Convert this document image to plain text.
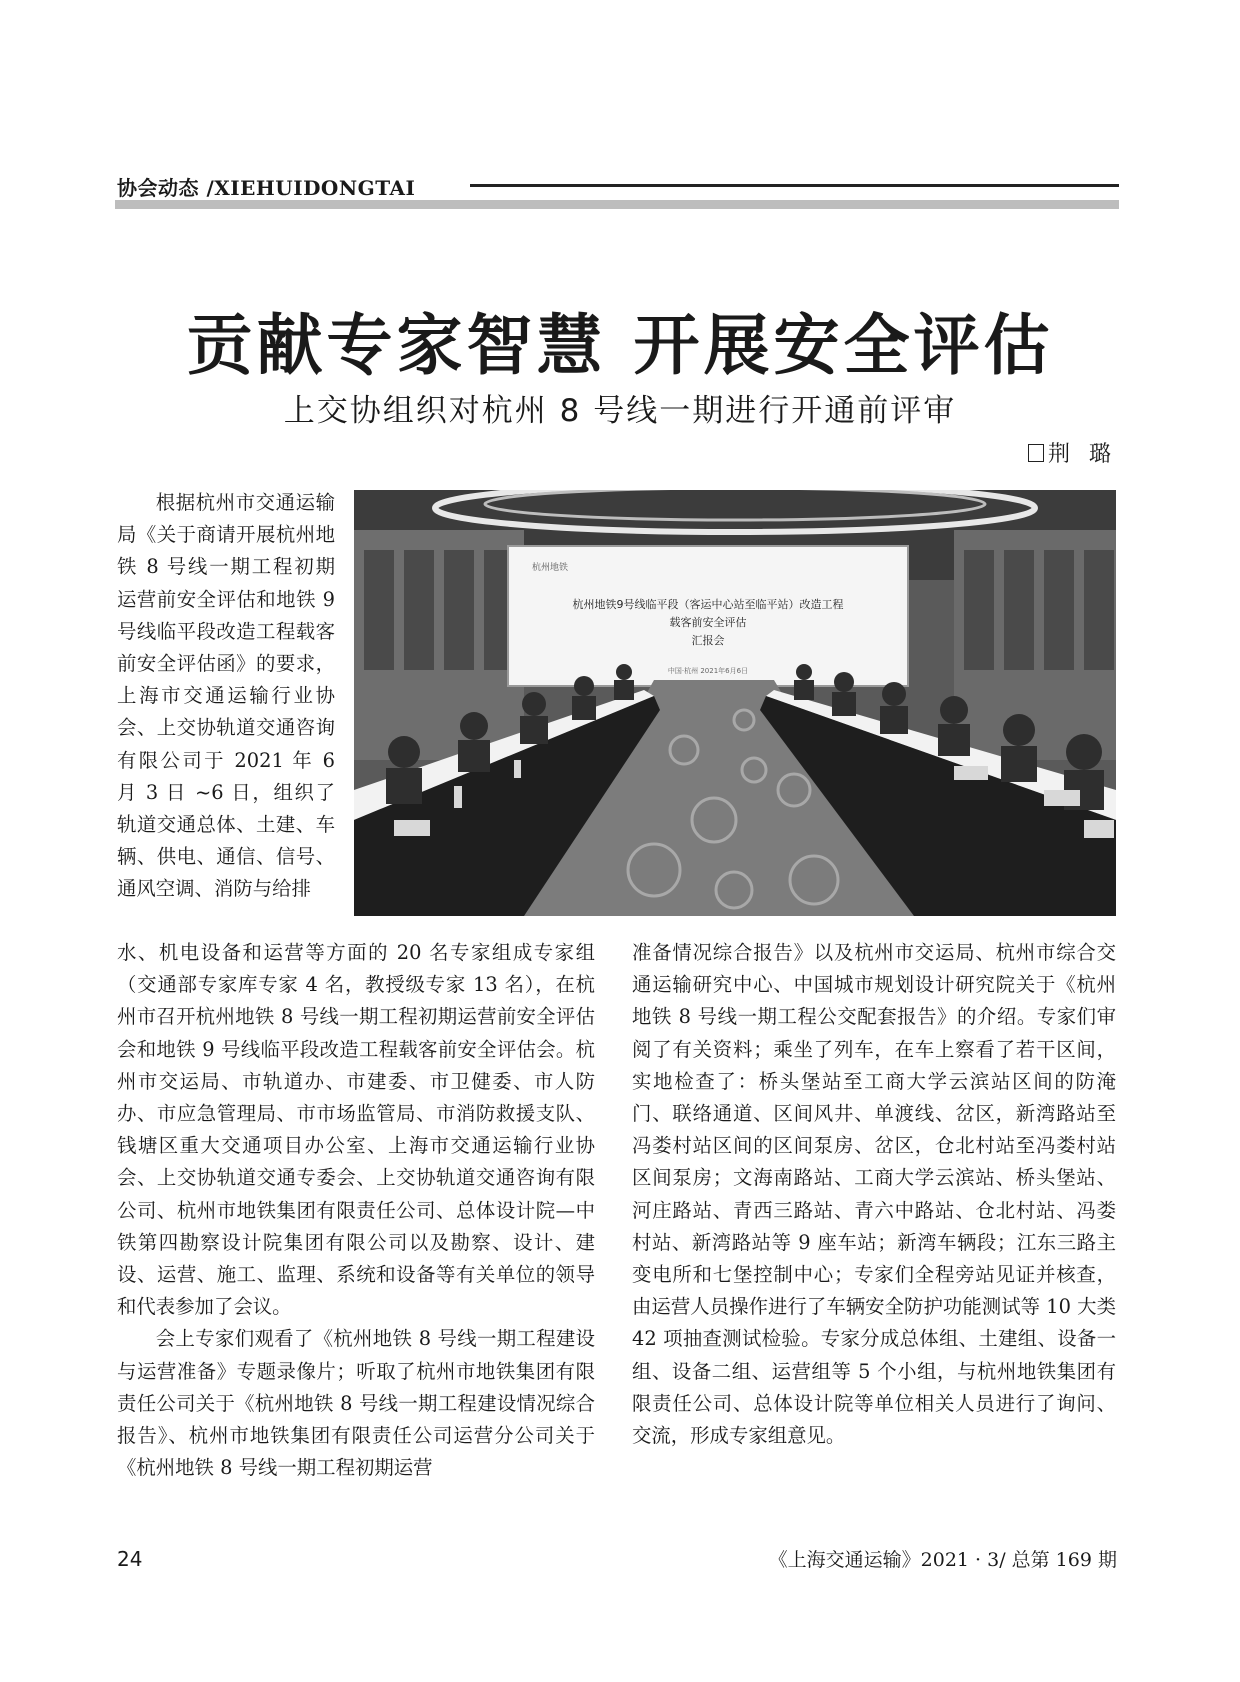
协会动态 /XIEHUIDONGTAI
贡献专家智慧 开展安全评估
上交协组织对杭州 8 号线一期进行开通前评审
荆 璐

根据杭州市交通运输局《关于商请开展杭州地铁 8 号线一期工程初期运营前安全评估和地铁 9 号线临平段改造工程载客前安全评估函》的要求，上海市交通运输行业协会、上交协轨道交通咨询有限公司于 2021 年 6 月 3 日 ~6 日，组织了轨道交通总体、土建、车辆、供电、通信、信号、通风空调、消防与给排

杭州地铁
杭州地铁9号线临平段（客运中心站至临平站）改造工程
载客前安全评估
汇报会
中国·杭州 2021年6月6日

水、机电设备和运营等方面的 20 名专家组成专家组（交通部专家库专家 4 名，教授级专家 13 名），在杭州市召开杭州地铁 8 号线一期工程初期运营前安全评估会和地铁 9 号线临平段改造工程载客前安全评估会。杭州市交运局、市轨道办、市建委、市卫健委、市人防办、市应急管理局、市市场监管局、市消防救援支队、钱塘区重大交通项目办公室、上海市交通运输行业协会、上交协轨道交通专委会、上交协轨道交通咨询有限公司、杭州市地铁集团有限责任公司、总体设计院—中铁第四勘察设计院集团有限公司以及勘察、设计、建设、运营、施工、监理、系统和设备等有关单位的领导和代表参加了会议。

会上专家们观看了《杭州地铁 8 号线一期工程建设与运营准备》专题录像片；听取了杭州市地铁集团有限责任公司关于《杭州地铁 8 号线一期工程建设情况综合报告》、杭州市地铁集团有限责任公司运营分公司关于《杭州地铁 8 号线一期工程初期运营

准备情况综合报告》以及杭州市交运局、杭州市综合交通运输研究中心、中国城市规划设计研究院关于《杭州地铁 8 号线一期工程公交配套报告》的介绍。专家们审阅了有关资料；乘坐了列车，在车上察看了若干区间，实地检查了：桥头堡站至工商大学云滨站区间的防淹门、联络通道、区间风井、单渡线、岔区，新湾路站至冯娄村站区间的区间泵房、岔区，仓北村站至冯娄村站区间泵房；文海南路站、工商大学云滨站、桥头堡站、河庄路站、青西三路站、青六中路站、仓北村站、冯娄村站、新湾路站等 9 座车站；新湾车辆段；江东三路主变电所和七堡控制中心；专家们全程旁站见证并核查，由运营人员操作进行了车辆安全防护功能测试等 10 大类 42 项抽查测试检验。专家分成总体组、土建组、设备一组、设备二组、运营组等 5 个小组，与杭州地铁集团有限责任公司、总体设计院等单位相关人员进行了询问、交流，形成专家组意见。

24	《上海交通运输》2021 · 3/ 总第 169 期
